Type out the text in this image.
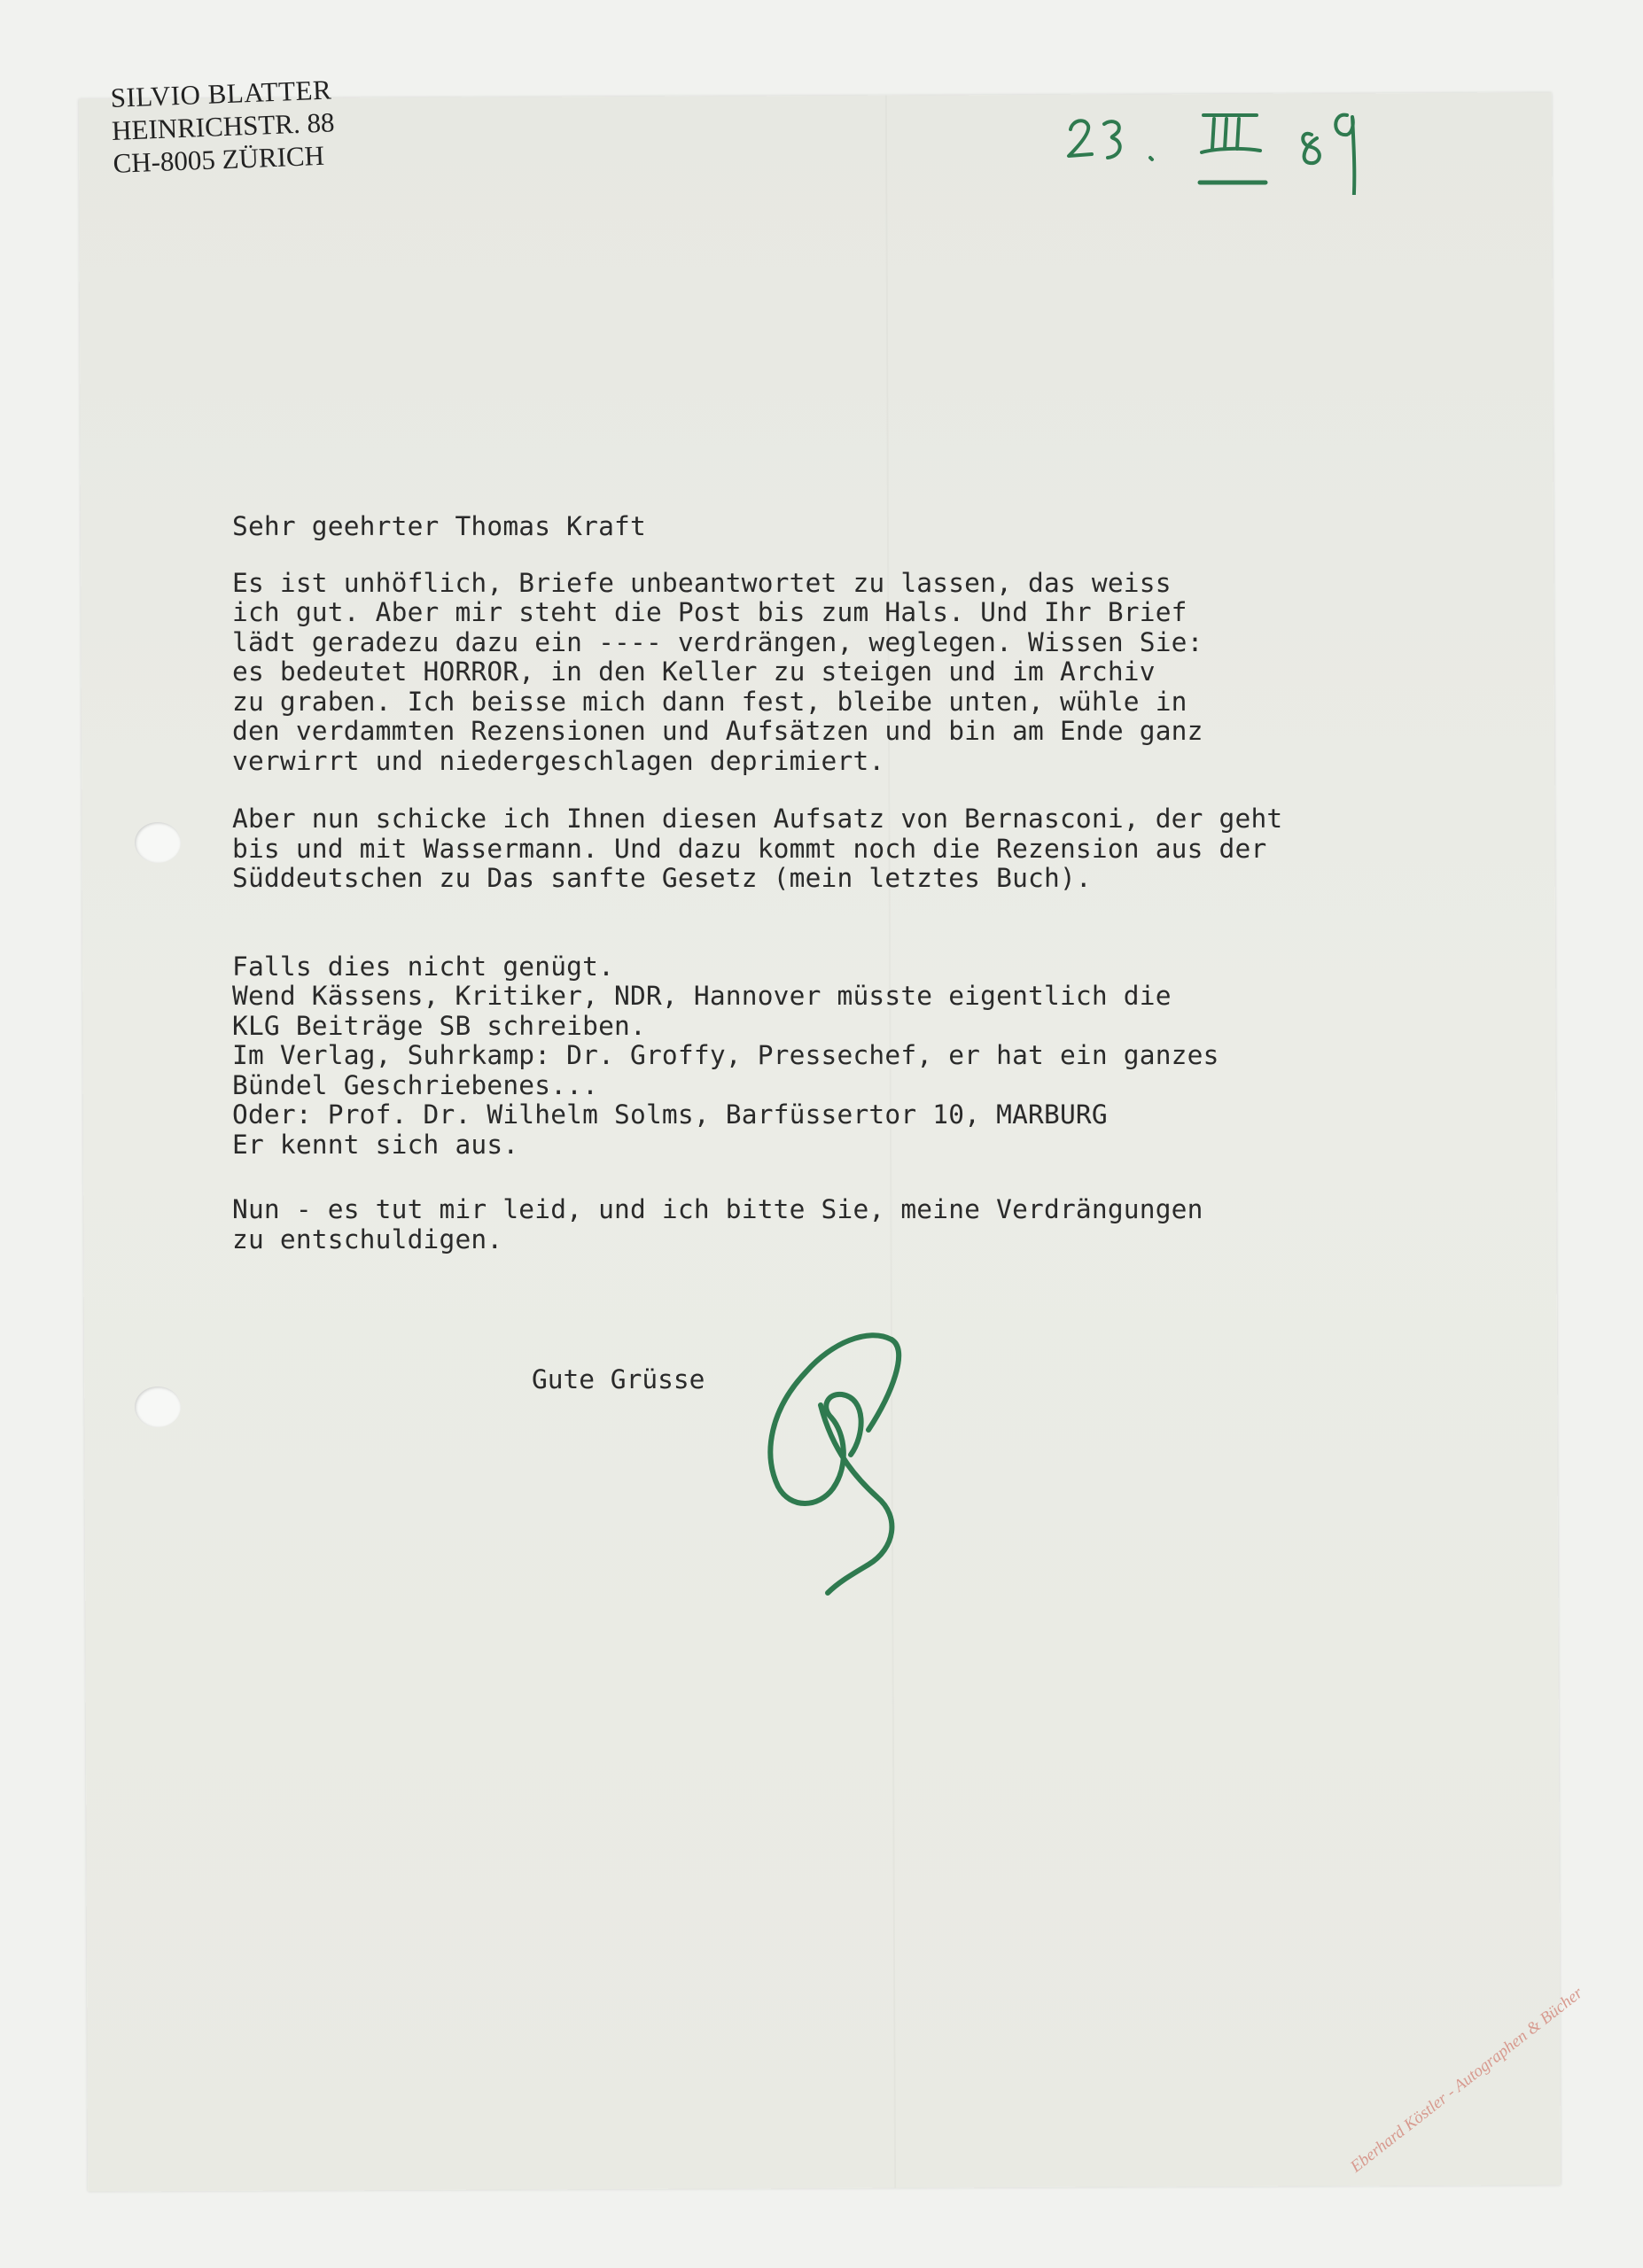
SILVIO BLATTER
HEINRICHSTR. 88
CH-8005 ZÜRICH

Sehr geehrter Thomas Kraft

Es ist unhöflich, Briefe unbeantwortet zu lassen, das weiss

ich gut. Aber mir steht die Post bis zum Hals. Und Ihr Brief

lädt geradezu dazu ein ---- verdrängen, weglegen. Wissen Sie:

es bedeutet HORROR, in den Keller zu steigen und im Archiv

zu graben. Ich beisse mich dann fest, bleibe unten, wühle in

den verdammten Rezensionen und Aufsätzen und bin am Ende ganz

verwirrt und niedergeschlagen deprimiert.

Aber nun schicke ich Ihnen diesen Aufsatz von Bernasconi, der geht

bis und mit Wassermann. Und dazu kommt noch die Rezension aus der

Süddeutschen zu Das sanfte Gesetz (mein letztes Buch).

Falls dies nicht genügt.

Wend Kässens, Kritiker, NDR, Hannover müsste eigentlich die

KLG Beiträge SB schreiben.

Im Verlag, Suhrkamp: Dr. Groffy, Pressechef, er hat ein ganzes

Bündel Geschriebenes...

Oder: Prof. Dr. Wilhelm Solms, Barfüssertor 10, MARBURG

Er kennt sich aus.

Nun - es tut mir leid, und ich bitte Sie, meine Verdrängungen

zu entschuldigen.

Gute Grüsse
Eberhard Köstler - Autographen & Bücher
